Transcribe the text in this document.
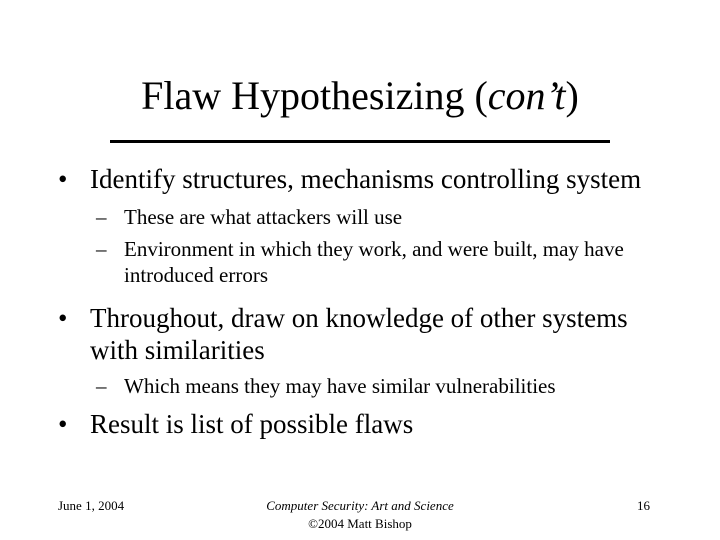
Flaw Hypothesizing (con’t)
• Identify structures, mechanisms controlling system
– These are what attackers will use
– Environment in which they work, and were built, may have introduced errors
• Throughout, draw on knowledge of other systems with similarities
– Which means they may have similar vulnerabilities
• Result is list of possible flaws
June 1, 2004	Computer Security: Art and Science
©2004 Matt Bishop
16
